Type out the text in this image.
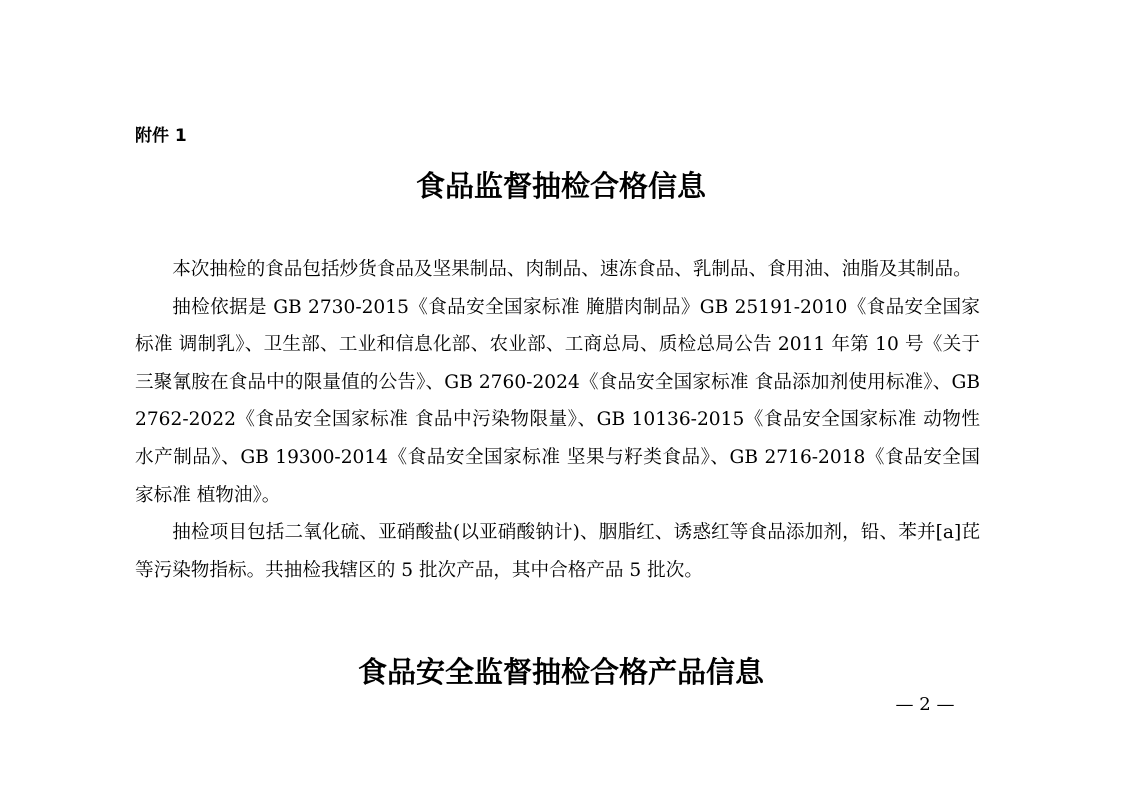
附件 1
食品监督抽检合格信息

本次抽检的食品包括炒货食品及坚果制品、肉制品、速冻食品、乳制品、食用油、油脂及其制品。

抽检依据是 GB 2730-2015《食品安全国家标准 腌腊肉制品》GB 25191-2010《食品安全国家标准 调制乳》、卫生部、工业和信息化部、农业部、工商总局、质检总局公告 2011 年第 10 号《关于三聚氰胺在食品中的限量值的公告》、GB 2760-2024《食品安全国家标准 食品添加剂使用标准》、GB 2762-2022《食品安全国家标准 食品中污染物限量》、GB 10136-2015《食品安全国家标准 动物性水产制品》、GB 19300-2014《食品安全国家标准 坚果与籽类食品》、GB 2716-2018《食品安全国家标准 植物油》。

抽检项目包括二氧化硫、亚硝酸盐(以亚硝酸钠计)、胭脂红、诱惑红等食品添加剂，铅、苯并[a]芘等污染物指标。共抽检我辖区的 5 批次产品，其中合格产品 5 批次。

食品安全监督抽检合格产品信息
— 2 —
